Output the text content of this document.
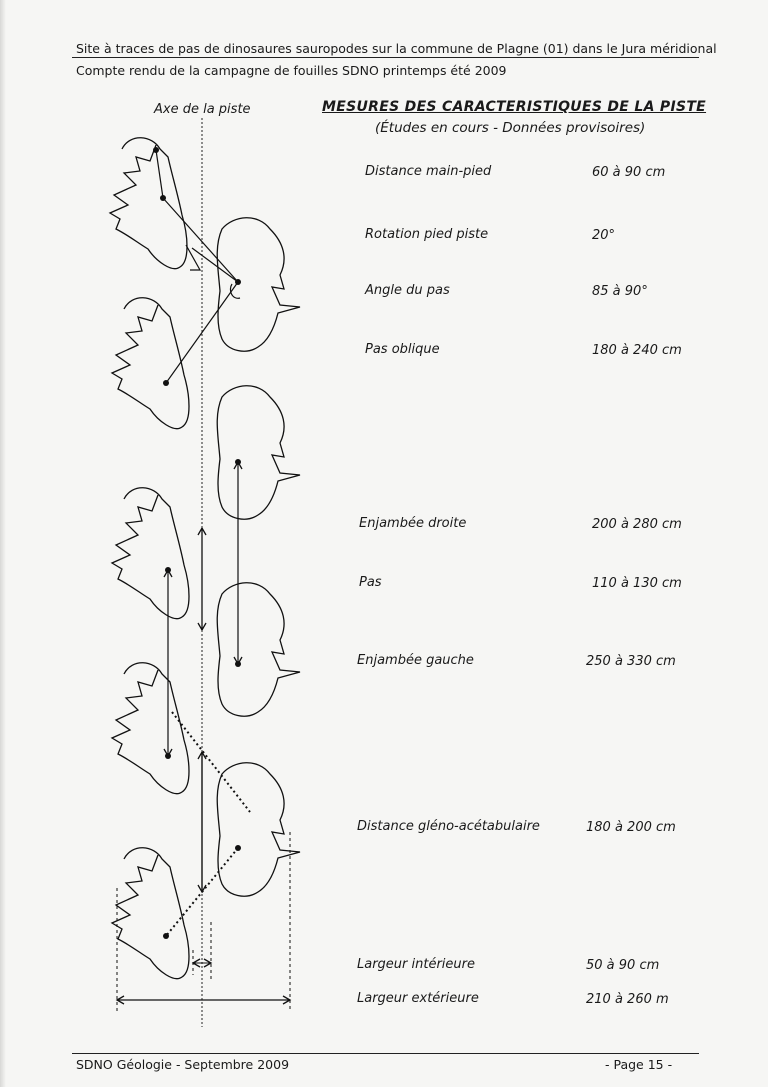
Site à traces de pas de dinosaures sauropodes sur la commune de Plagne (01) dans le Jura méridional
Compte rendu de la campagne de fouilles SDNO printemps été 2009
Axe de la piste	MESURES DES CARACTERISTIQUES DE LA PISTE
(Études en cours - Données provisoires)
Distance main-pied	60 à 90 cm
Rotation pied piste	20°
Angle du pas	85 à 90°
Pas oblique	180 à 240 cm
Enjambée droite	200 à 280 cm
Pas	110 à 130 cm
Enjambée gauche	250 à 330 cm
Distance gléno-acétabulaire	180 à 200 cm
Largeur intérieure	50 à 90 cm
Largeur extérieure	210 à 260 m
SDNO Géologie - Septembre 2009	- Page 15 -
